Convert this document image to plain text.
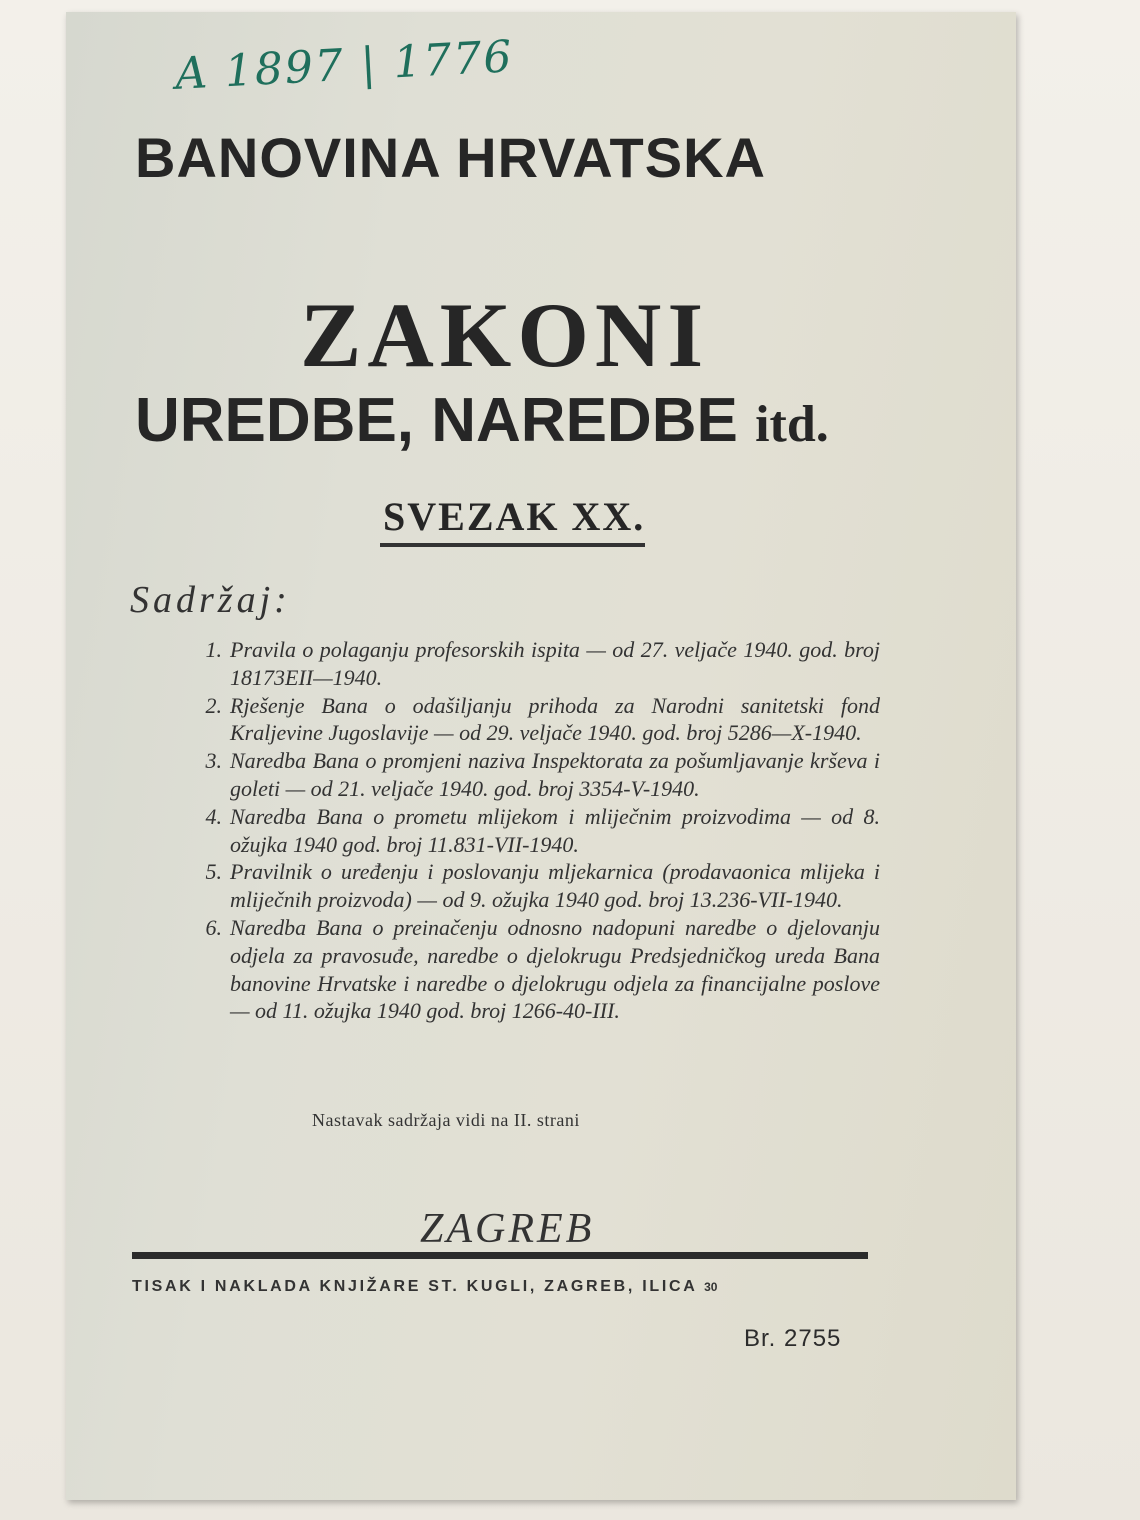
A 1897 | 1776
BANOVINA HRVATSKA
ZAKONI
UREDBE, NAREDBE itd.
SVEZAK XX.
Sadržaj:
1. Pravila o polaganju profesorskih ispita — od 27. veljače 1940. god. broj 18173EII—1940.
2. Rješenje Bana o odašiljanju prihoda za Narodni sanitetski fond Kraljevine Jugoslavije — od 29. veljače 1940. god. broj 5286—X-1940.
3. Naredba Bana o promjeni naziva Inspektorata za pošumljavanje krševa i goleti — od 21. veljače 1940. god. broj 3354-V-1940.
4. Naredba Bana o prometu mlijekom i mliječnim proizvodima — od 8. ožujka 1940 god. broj 11.831-VII-1940.
5. Pravilnik o uređenju i poslovanju mljekarnica (prodavaonica mlijeka i mliječnih proizvoda) — od 9. ožujka 1940 god. broj 13.236-VII-1940.
6. Naredba Bana o preinačenju odnosno nadopuni naredbe o djelovanju odjela za pravosuđe, naredbe o djelokrugu Predsjedničkog ureda Bana banovine Hrvatske i naredbe o djelokrugu odjela za financijalne poslove — od 11. ožujka 1940 god. broj 1266-40-III.
Nastavak sadržaja vidi na II. strani
ZAGREB
TISAK I NAKLADA KNJIŽARE ST. KUGLI, ZAGREB, ILICA 30
Br. 2755
